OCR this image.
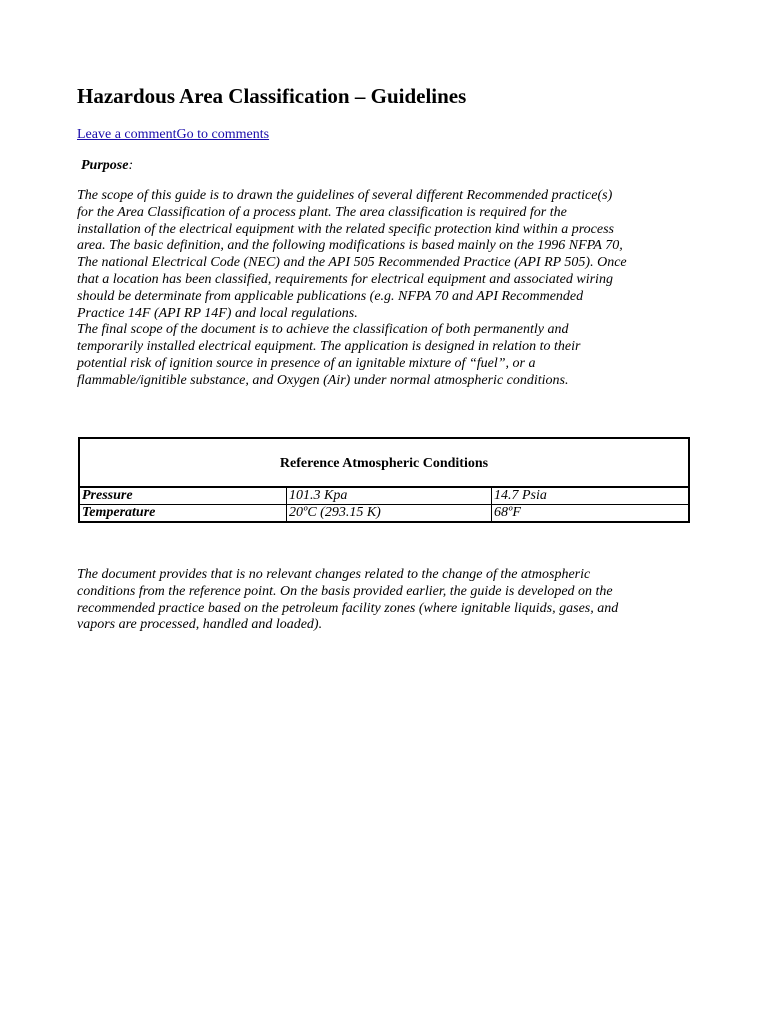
Hazardous Area Classification – Guidelines
Leave a commentGo to comments
Purpose:
The scope of this guide is to drawn the guidelines of several different Recommended practice(s)
for the Area Classification of a process plant. The area classification is required for the
installation of the electrical equipment with the related specific protection kind within a process
area. The basic definition, and the following modifications is based mainly on the 1996 NFPA 70,
The national Electrical Code (NEC) and the API 505 Recommended Practice (API RP 505). Once
that a location has been classified, requirements for electrical equipment and associated wiring
should be determinate from applicable publications (e.g. NFPA 70 and API Recommended
Practice 14F (API RP 14F) and local regulations.
The final scope of the document is to achieve the classification of both permanently and
temporarily installed electrical equipment. The application is designed in relation to their
potential risk of ignition source in presence of an ignitable mixture of “fuel”, or a
flammable/ignitible substance, and Oxygen (Air) under normal atmospheric conditions.
Reference Atmospheric Conditions		
Pressure	101.3 Kpa	14.7 Psia
Temperature	20ºC (293.15 K)	68ºF
The document provides that is no relevant changes related to the change of the atmospheric
conditions from the reference point. On the basis provided earlier, the guide is developed on the
recommended practice based on the petroleum facility zones (where ignitable liquids, gases, and
vapors are processed, handled and loaded).
